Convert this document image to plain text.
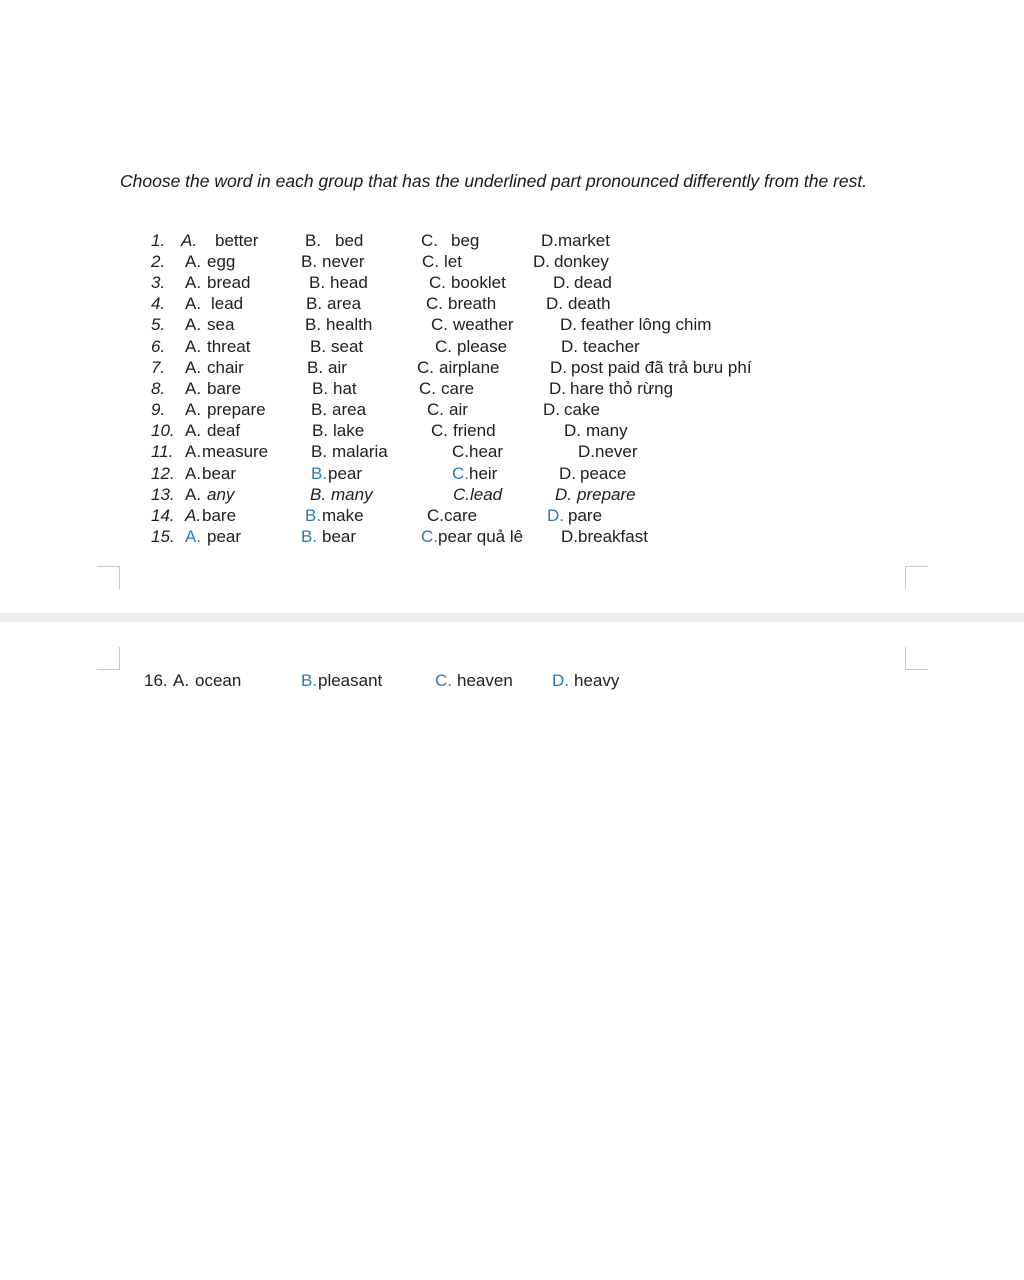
Choose the word in each group that has the underlined part pronounced differently from the rest.

1. A. better	B. bed	C. beg	D. market
2. A. egg	B. never	C. let	D. donkey
3. A. bread	B. head	C. booklet	D. dead
4. A. lead	B. area	C. breath	D. death
5. A. sea	B. health	C. weather	D. feather lông chim
6. A. threat	B. seat	C. please	D. teacher
7. A. chair	B. air	C. airplane	D. post paid đã trả bưu phí
8. A. bare	B. hat	C. care	D. hare thỏ rừng
9. A. prepare	B. area	C. air	D. cake
10. A. deaf	B. lake	C. friend	D. many
11. A. measure	B. malaria	C. hear	D. never
12. A. bear	B. pear	C. heir	D. peace
13. A. any	B. many	C. lead	D. prepare
14. A. bare	B. make	C. care	D. pare
15. A. pear	B. bear	C. pear quả lê D. breakfast
16. A. ocean	B. pleasant	C. heaven D. heavy
